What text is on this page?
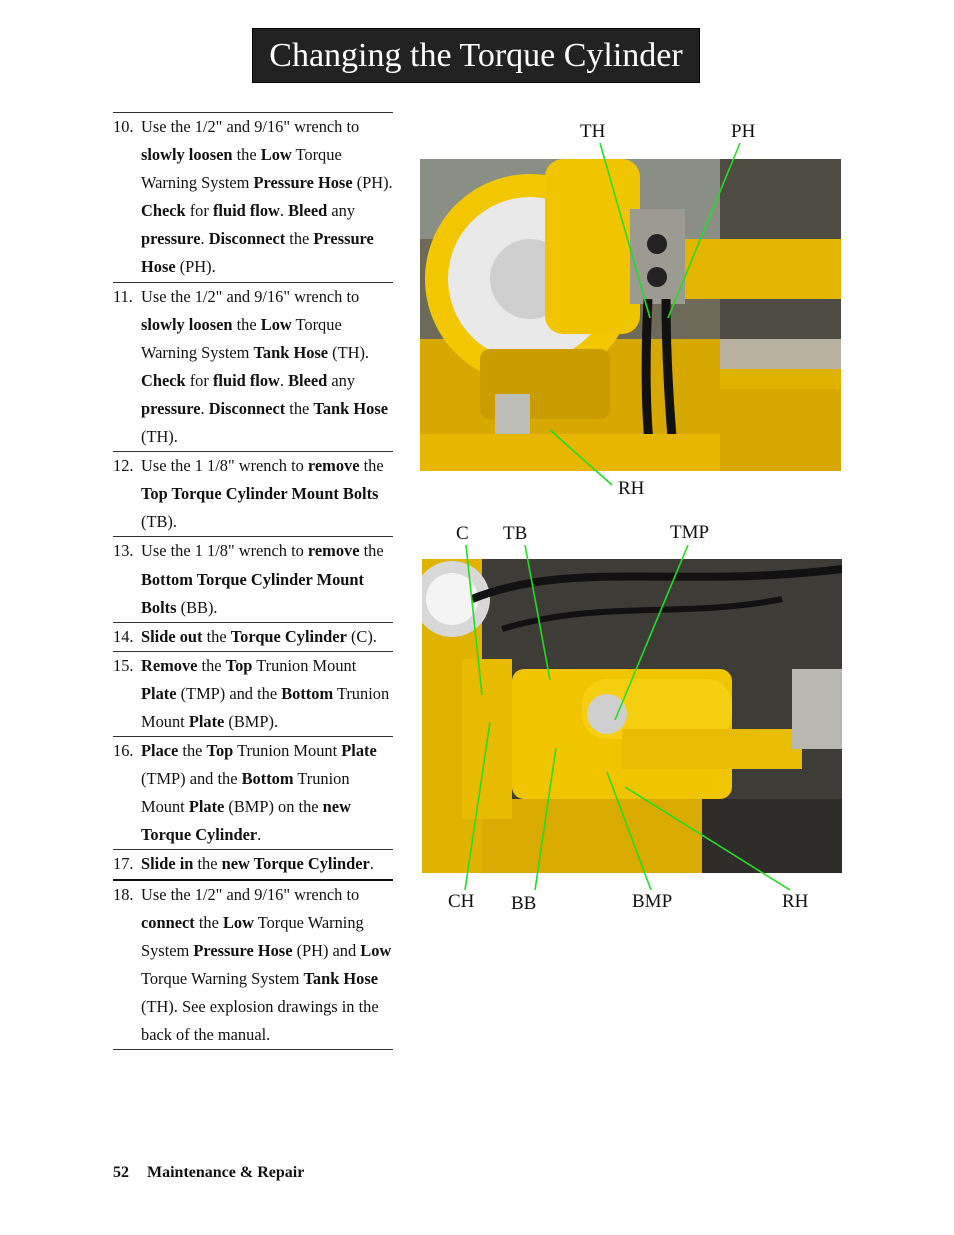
Changing the Torque Cylinder
10. Use the 1/2" and 9/16" wrench to slowly loosen the Low Torque Warning System Pressure Hose (PH). Check for fluid flow. Bleed any pressure. Disconnect the Pressure Hose (PH).
11. Use the 1/2" and 9/16" wrench to slowly loosen the Low Torque Warning System Tank Hose (TH). Check for fluid flow. Bleed any pressure. Disconnect the Tank Hose (TH).
12. Use the 1 1/8" wrench to remove the Top Torque Cylinder Mount Bolts (TB).
13. Use the 1 1/8" wrench to remove the Bottom Torque Cylinder Mount Bolts (BB).
14. Slide out the Torque Cylinder (C).
15. Remove the Top Trunion Mount Plate (TMP) and the Bottom Trunion Mount Plate (BMP).
16. Place the Top Trunion Mount Plate (TMP) and the Bottom Trunion Mount Plate (BMP) on the new Torque Cylinder.
17. Slide in the new Torque Cylinder.
18. Use the 1/2" and 9/16" wrench to connect the Low Torque Warning System Pressure Hose (PH) and Low Torque Warning System Tank Hose (TH). See explosion drawings in the back of the manual.
TH	PH
RH
C TB	TMP
CH BB	BMP	RH
52 Maintenance & Repair
